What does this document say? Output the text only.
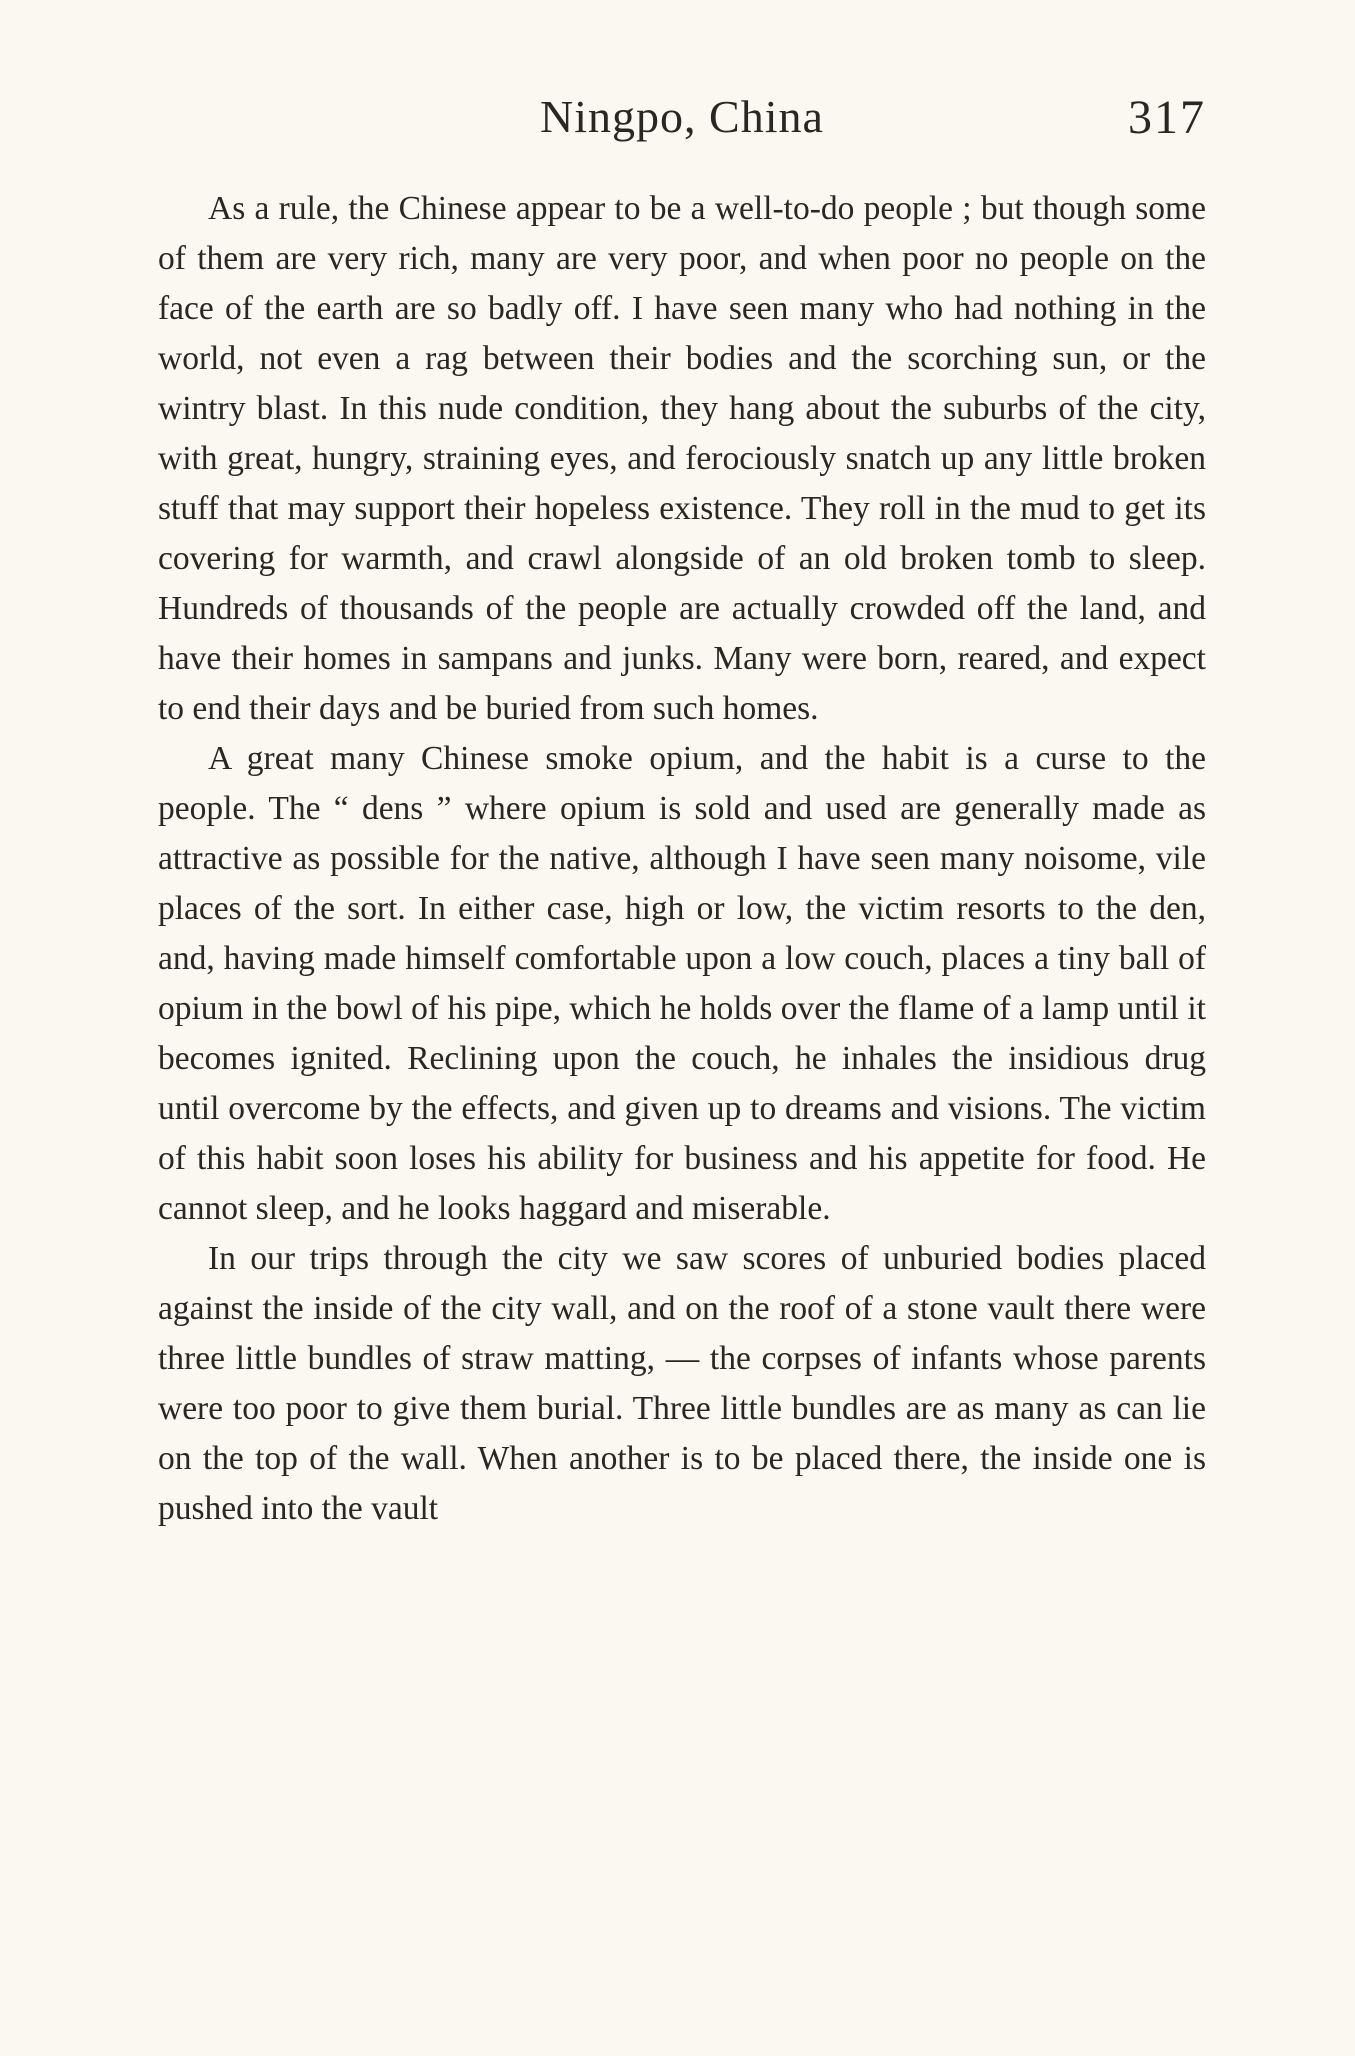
Ningpo, China	317

As a rule, the Chinese appear to be a well-to-do people ; but though some of them are very rich, many are very poor, and when poor no people on the face of the earth are so badly off. I have seen many who had nothing in the world, not even a rag between their bodies and the scorching sun, or the wintry blast. In this nude condition, they hang about the suburbs of the city, with great, hungry, straining eyes, and ferociously snatch up any little broken stuff that may support their hopeless existence. They roll in the mud to get its covering for warmth, and crawl alongside of an old broken tomb to sleep. Hundreds of thousands of the people are actually crowded off the land, and have their homes in sampans and junks. Many were born, reared, and expect to end their days and be buried from such homes.

A great many Chinese smoke opium, and the habit is a curse to the people. The “ dens ” where opium is sold and used are generally made as attractive as possible for the native, although I have seen many noisome, vile places of the sort. In either case, high or low, the victim resorts to the den, and, having made himself comfortable upon a low couch, places a tiny ball of opium in the bowl of his pipe, which he holds over the flame of a lamp until it becomes ignited. Reclining upon the couch, he inhales the insidious drug until overcome by the effects, and given up to dreams and visions. The victim of this habit soon loses his ability for business and his appetite for food. He cannot sleep, and he looks haggard and miserable.

In our trips through the city we saw scores of unburied bodies placed against the inside of the city wall, and on the roof of a stone vault there were three little bundles of straw matting, — the corpses of infants whose parents were too poor to give them burial. Three little bundles are as many as can lie on the top of the wall. When another is to be placed there, the inside one is pushed into the vault
